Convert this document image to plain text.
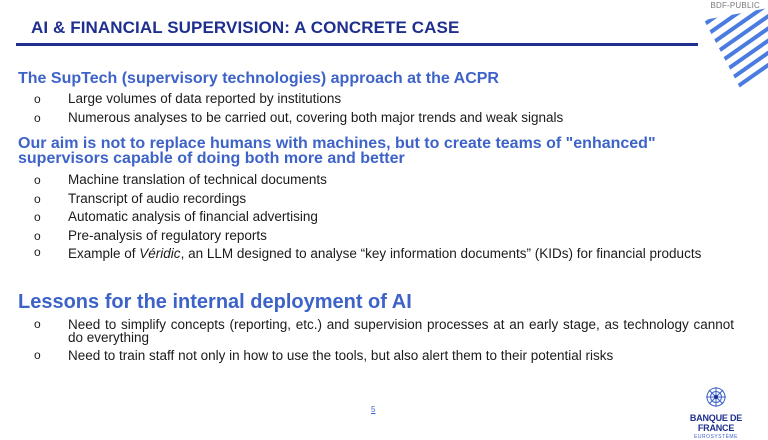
BDF-PUBLIC
AI & FINANCIAL SUPERVISION: A CONCRETE CASE
The SupTech (supervisory technologies) approach at the ACPR
o Large volumes of data reported by institutions
o Numerous analyses to be carried out, covering both major trends and weak signals
Our aim is not to replace humans with machines, but to create teams of "enhanced" supervisors capable of doing both more and better
o Machine translation of technical documents
o Transcript of audio recordings
o Automatic analysis of financial advertising
o Pre-analysis of regulatory reports
o Example of Véridic, an LLM designed to analyse “key information documents” (KIDs) for financial products
Lessons for the internal deployment of AI
o Need to simplify concepts (reporting, etc.) and supervision processes at an early stage, as technology cannot do everything
o Need to train staff not only in how to use the tools, but also alert them to their potential risks
5
BANQUE DE FRANCE
EUROSYSTÈME
